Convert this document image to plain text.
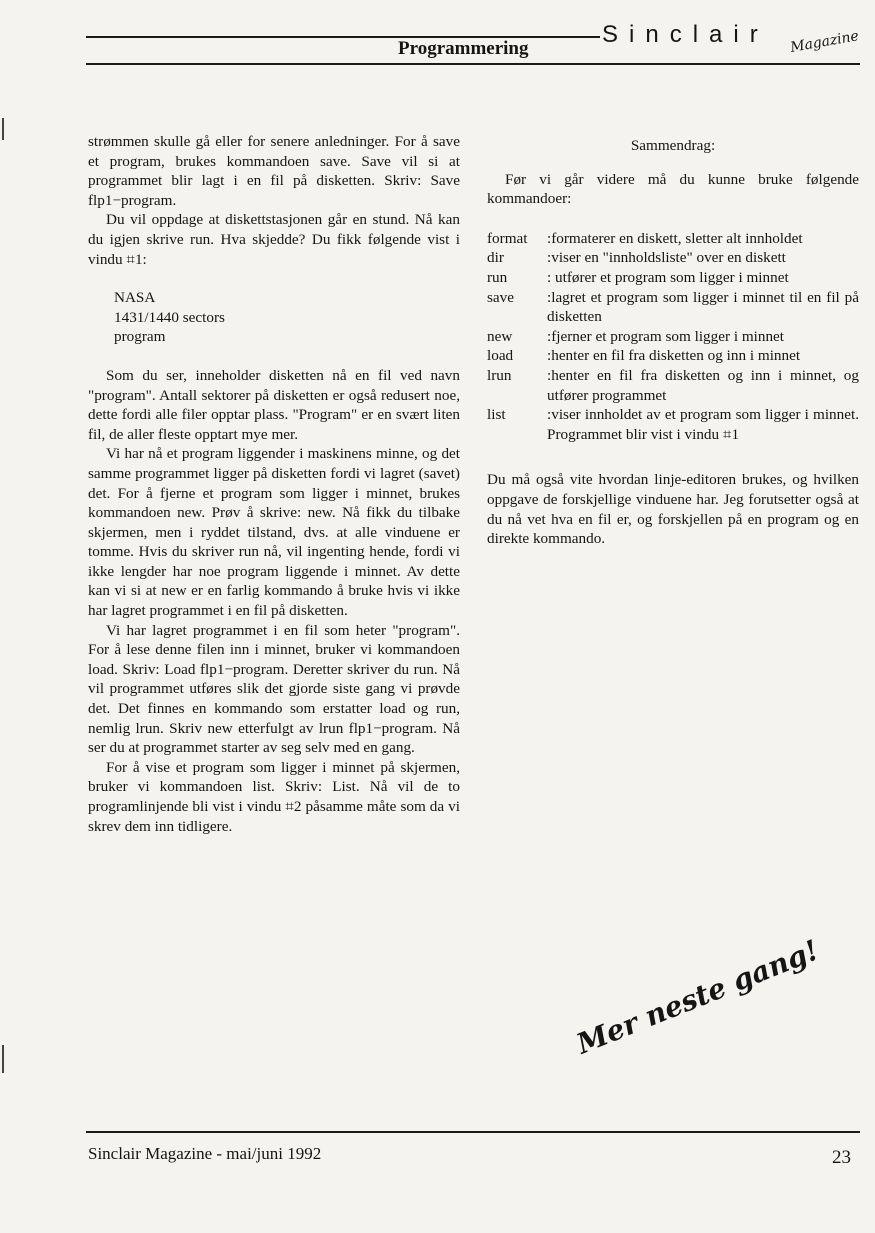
Programmering
Sinclair Magazine

strømmen skulle gå eller for senere anledninger. For å save et program, brukes kommandoen save. Save vil si at programmet blir lagt i en fil på disketten. Skriv: Save flp1−program.

Du vil oppdage at diskettstasjonen går en stund. Nå kan du igjen skrive run. Hva skjedde? Du fikk følgende vist i vindu ⌗1:

NASA

1431/1440 sectors

program

Som du ser, inneholder disketten nå en fil ved navn "program". Antall sektorer på disketten er også redusert noe, dette fordi alle filer opptar plass. "Program" er en svært liten fil, de aller fleste opptart mye mer.

Vi har nå et program liggender i maskinens minne, og det samme programmet ligger på disketten fordi vi lagret (savet) det. For å fjerne et program som ligger i minnet, brukes kommandoen new. Prøv å skrive: new. Nå fikk du tilbake skjermen, men i ryddet tilstand, dvs. at alle vinduene er tomme. Hvis du skriver run nå, vil ingenting hende, fordi vi ikke lengder har noe program liggende i minnet. Av dette kan vi si at new er en farlig kommando å bruke hvis vi ikke har lagret programmet i en fil på disketten.

Vi har lagret programmet i en fil som heter "program". For å lese denne filen inn i minnet, bruker vi kommandoen load. Skriv: Load flp1−program. Deretter skriver du run. Nå vil programmet utføres slik det gjorde siste gang vi prøvde det. Det finnes en kommando som erstatter load og run, nemlig lrun. Skriv new etterfulgt av lrun flp1−program. Nå ser du at programmet starter av seg selv med en gang.

For å vise et program som ligger i minnet på skjermen, bruker vi kommandoen list. Skriv: List. Nå vil de to programlinjende bli vist i vindu ⌗2 påsamme måte som da vi skrev dem inn tidligere.

Sammendrag:

Før vi går videre må du kunne bruke følgende kommandoer:

format	:formaterer en diskett, sletter alt innholdet
dir	:viser en "innholdsliste" over en diskett
run	: utfører et program som ligger i minnet
save	:lagret et program som ligger i minnet til en fil på disketten
new	:fjerner et program som ligger i minnet
load	:henter en fil fra disketten og inn i minnet
lrun	:henter en fil fra disketten og inn i minnet, og utfører programmet
list	:viser innholdet av et program som ligger i minnet. Programmet blir vist i vindu ⌗1

Du må også vite hvordan linje-editoren brukes, og hvilken oppgave de forskjellige vinduene har. Jeg forutsetter også at du nå vet hva en fil er, og forskjellen på en program og en direkte kommando.

Mer neste gang!
Sinclair Magazine - mai/juni 1992	23
